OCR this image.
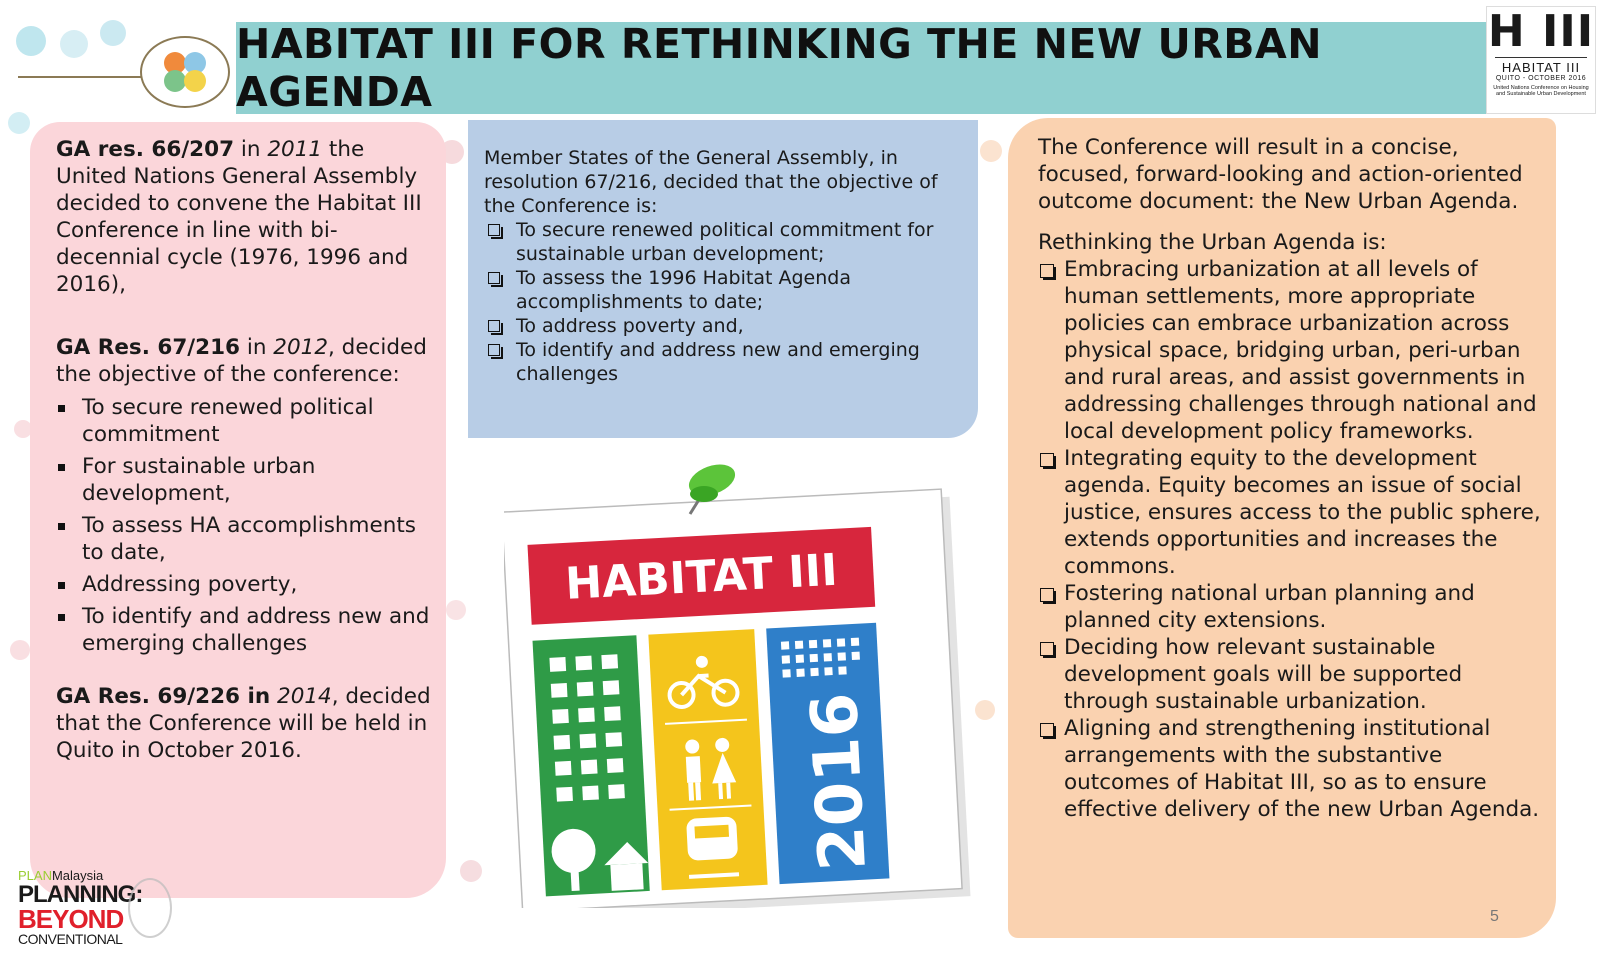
HABITAT III FOR RETHINKING THE NEW URBAN AGENDA
H III
HABITAT III
QUITO - OCTOBER 2016
United Nations Conference on Housing and Sustainable Urban Development

GA res. 66/207 in 2011 the United Nations General Assembly decided to convene the Habitat III Conference in line with bi-decennial cycle (1976, 1996 and 2016),

GA Res. 67/216 in 2012, decided the objective of the conference:

To secure renewed political commitment
For sustainable urban development,
To assess HA accomplishments to date,
Addressing poverty,
To identify and address new and emerging challenges

GA Res. 69/226 in 2014, decided that the Conference will be held in Quito in October 2016.

Member States of the General Assembly, in resolution 67/216, decided that the objective of the Conference is:
To secure renewed political commitment for sustainable urban development;
To assess the 1996 Habitat Agenda accomplishments to date;
To address poverty and,
To identify and address new and emerging challenges
HABITAT III
2016
The Conference will result in a concise, focused, forward-looking and action-oriented outcome document: the New Urban Agenda.
Rethinking the Urban Agenda is:
Embracing urbanization at all levels of human settlements, more appropriate policies can embrace urbanization across physical space, bridging urban, peri-urban and rural areas, and assist governments in addressing challenges through national and local development policy frameworks.
Integrating equity to the development agenda. Equity becomes an issue of social justice, ensures access to the public sphere, extends opportunities and increases the commons.
Fostering national urban planning and planned city extensions.
Deciding how relevant sustainable development goals will be supported through sustainable urbanization.
Aligning and strengthening institutional arrangements with the substantive outcomes of Habitat III, so as to ensure effective delivery of the new Urban Agenda.
5
PLANMalaysia
PLANNING:
BEYOND
CONVENTIONAL
